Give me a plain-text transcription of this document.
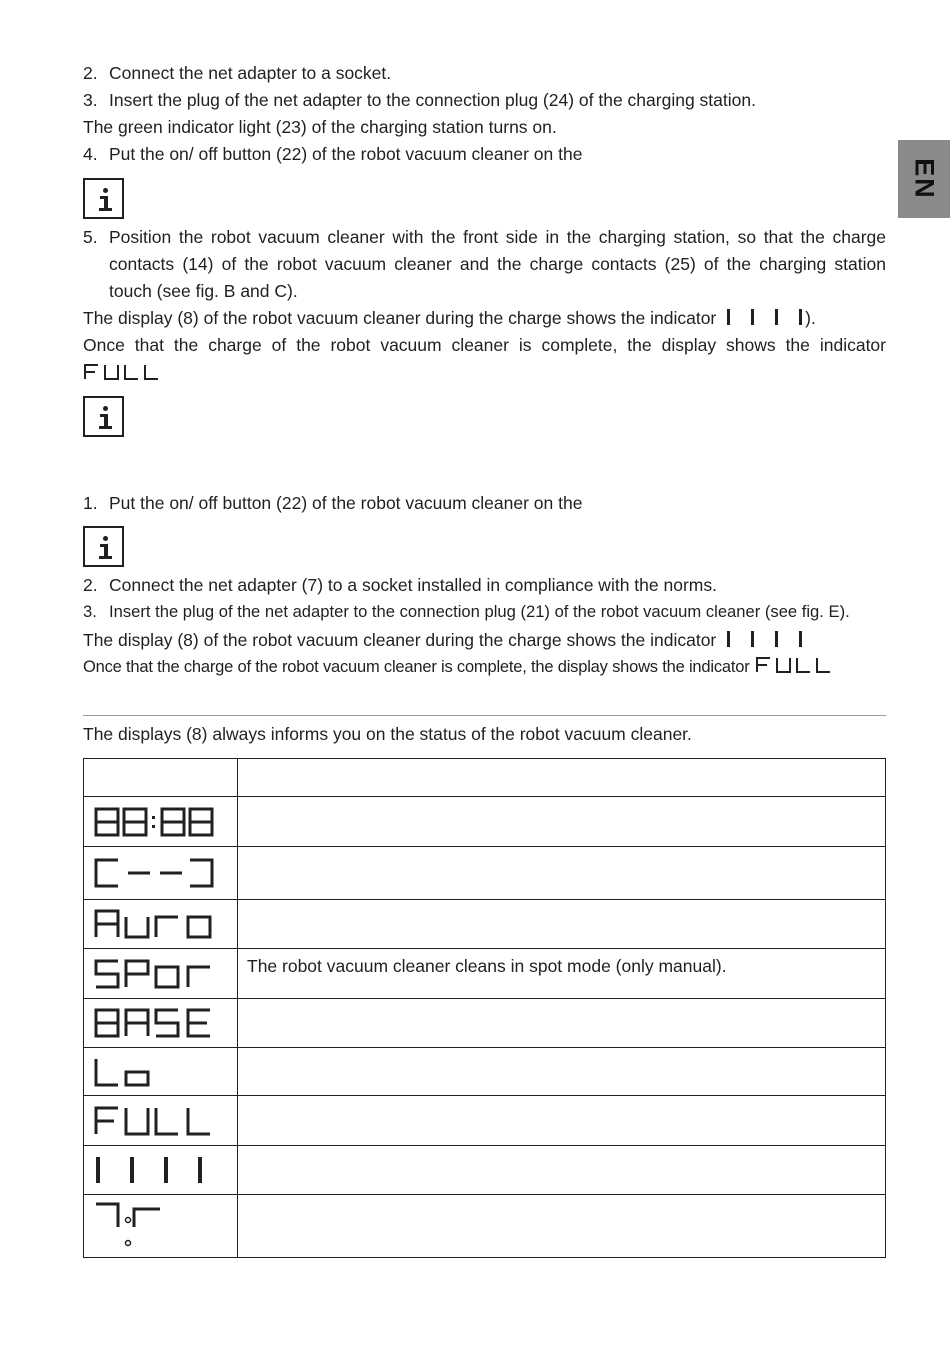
EN
2. Connect the net adapter to a socket.
3. Insert the plug of the net adapter to the connection plug (24) of the charging station.
The green indicator light (23) of the charging station turns on.
4. Put the on/ off button (22) of the robot vacuum cleaner on the
5. Position the robot vacuum cleaner with the front side in the charging station, so that the charge
contacts (14) of the robot vacuum cleaner and the charge contacts (25) of the charging station
touch (see fig. B and C).
The display (8) of the robot vacuum cleaner during the charge shows the indicator	).
Once that the charge of the robot vacuum cleaner is complete, the display shows the indicator
1. Put the on/ off button (22) of the robot vacuum cleaner on the
2. Connect the net adapter (7) to a socket installed in compliance with the norms.
3. Insert the plug of the net adapter to the connection plug (21) of the robot vacuum cleaner (see fig. E).
The display (8) of the robot vacuum cleaner during the charge shows the indicator
Once that the charge of the robot vacuum cleaner is complete, the display shows the indicator
The displays (8) always informs you on the status of the robot vacuum cleaner.

	The robot vacuum cleaner cleans in spot mode (only manual).
